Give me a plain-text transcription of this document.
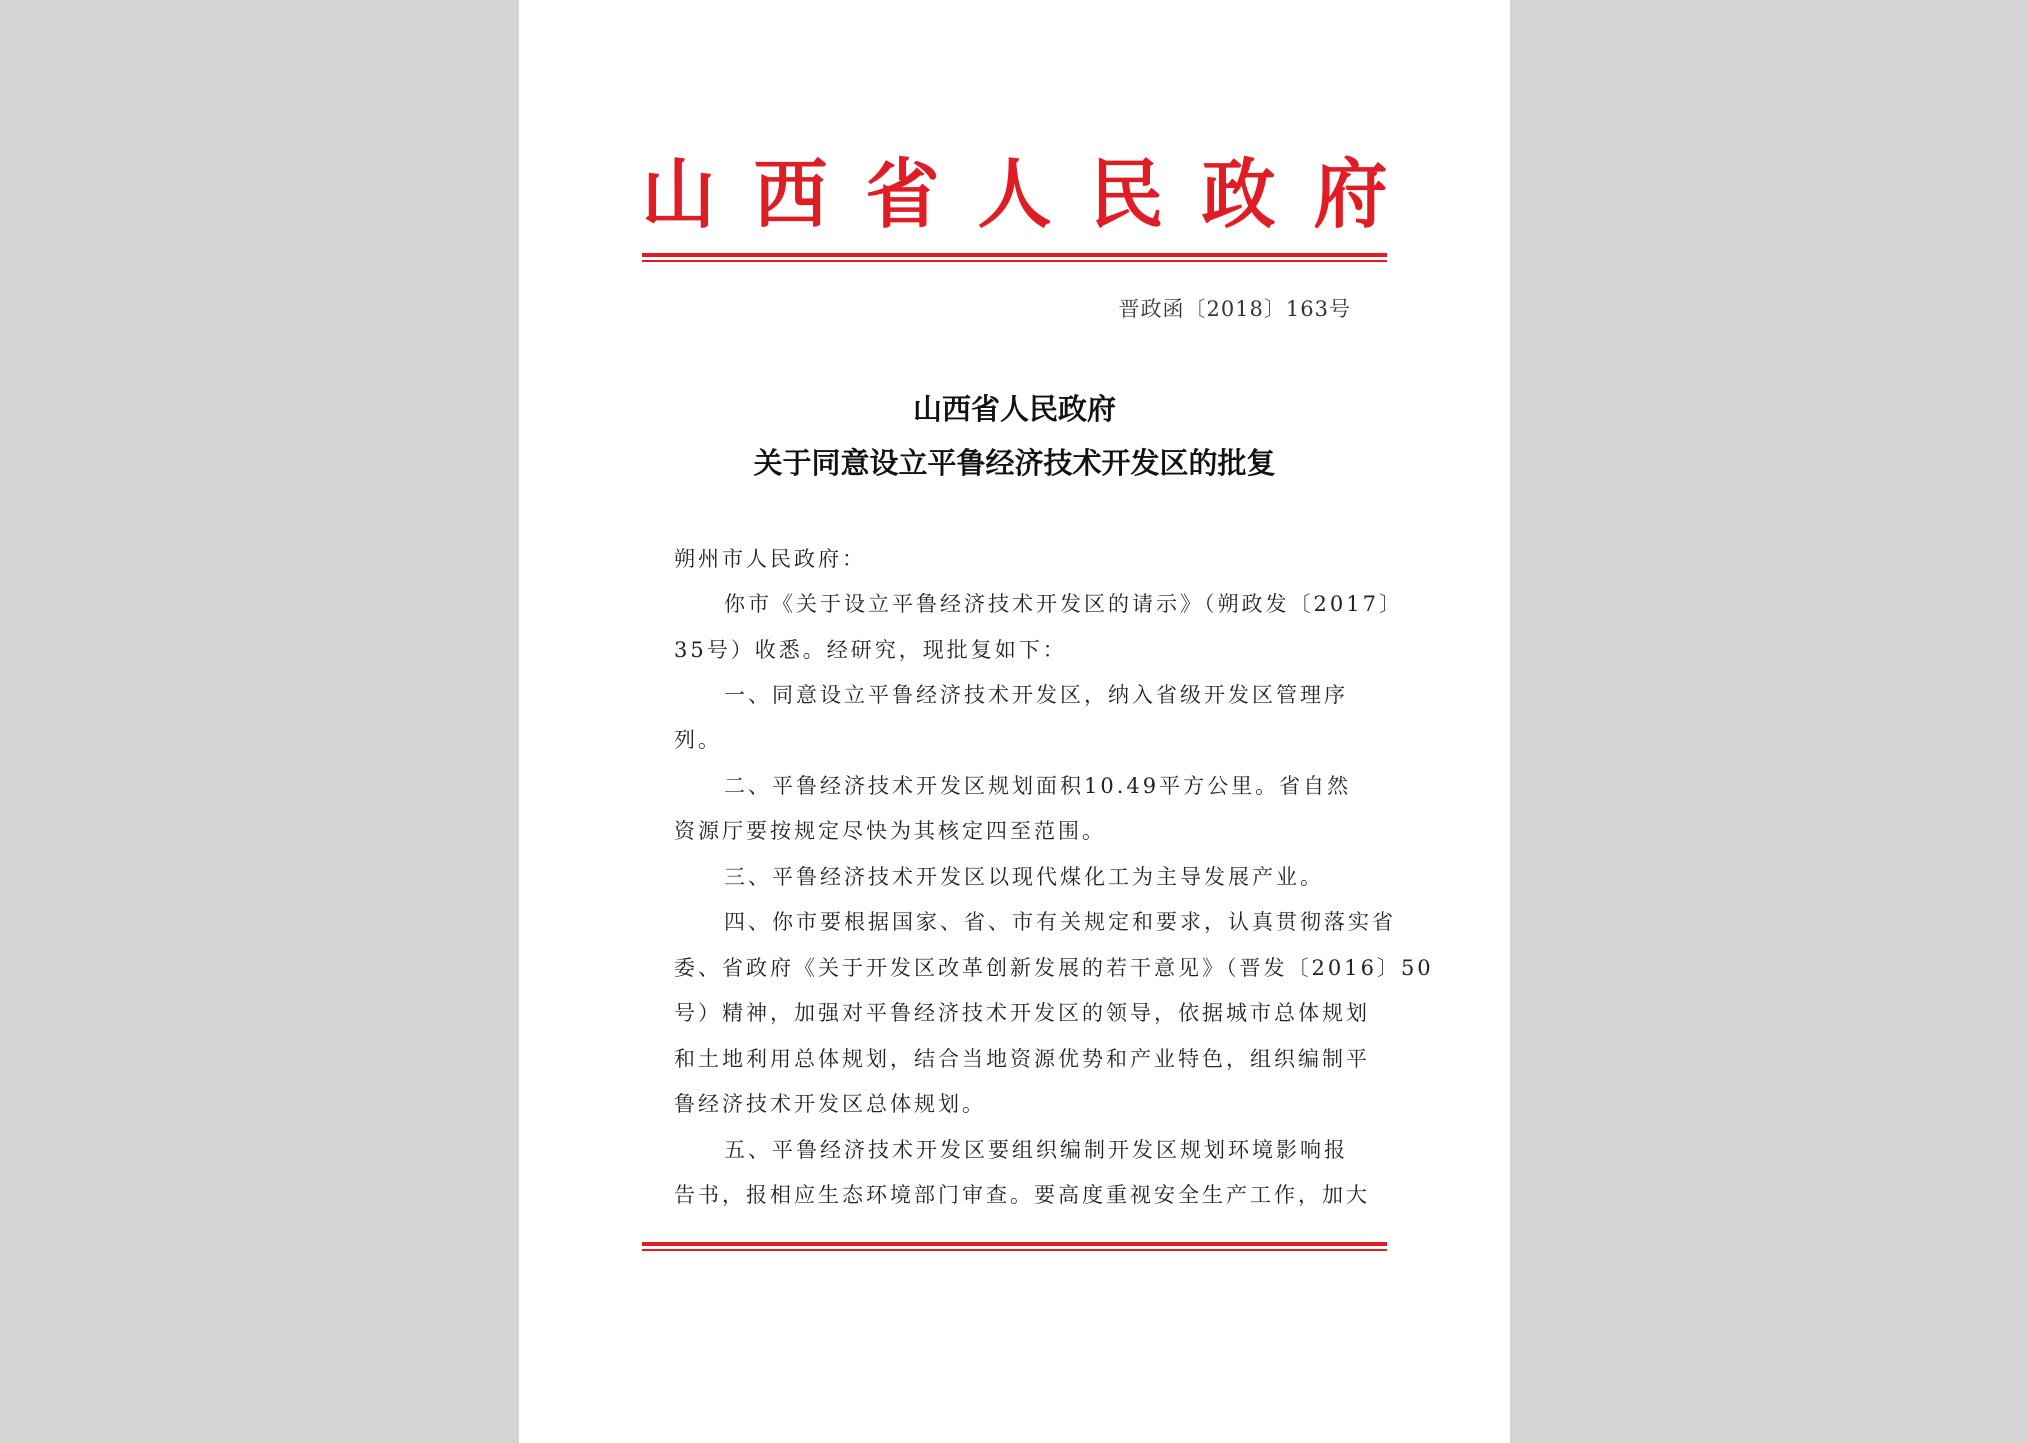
山西省人民政府
晋政函〔2018〕163号
山西省人民政府
关于同意设立平鲁经济技术开发区的批复
朔州市人民政府：
你市《关于设立平鲁经济技术开发区的请示》（朔政发〔2017〕
35号）收悉。经研究，现批复如下：
一、同意设立平鲁经济技术开发区，纳入省级开发区管理序
列。
二、平鲁经济技术开发区规划面积10.49平方公里。省自然
资源厅要按规定尽快为其核定四至范围。
三、平鲁经济技术开发区以现代煤化工为主导发展产业。
四、你市要根据国家、省、市有关规定和要求，认真贯彻落实省
委、省政府《关于开发区改革创新发展的若干意见》（晋发〔2016〕50
号）精神，加强对平鲁经济技术开发区的领导，依据城市总体规划
和土地利用总体规划，结合当地资源优势和产业特色，组织编制平
鲁经济技术开发区总体规划。
五、平鲁经济技术开发区要组织编制开发区规划环境影响报
告书，报相应生态环境部门审查。要高度重视安全生产工作，加大
